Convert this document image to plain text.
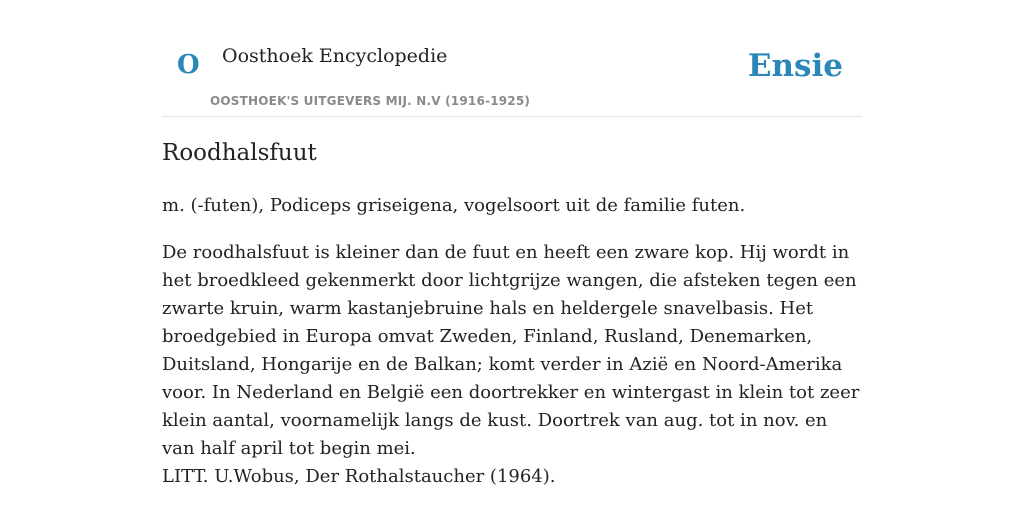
O Oosthoek Encyclopedie
OOSTHOEK'S UITGEVERS MIJ. N.V (1916-1925)
Ensie
Roodhalsfuut

m. (-futen), Podiceps griseigena, vogelsoort uit de familie futen.

De roodhalsfuut is kleiner dan de fuut en heeft een zware kop. Hij wordt in het broedkleed gekenmerkt door lichtgrijze wangen, die afsteken tegen een zwarte kruin, warm kastanjebruine hals en heldergele snavelbasis. Het broedgebied in Europa omvat Zweden, Finland, Rusland, Denemarken, Duitsland, Hongarije en de Balkan; komt verder in Azië en Noord-Amerika voor. In Nederland en België een doortrekker en wintergast in klein tot zeer klein aantal, voornamelijk langs de kust. Doortrek van aug. tot in nov. en van half april tot begin mei.

LITT. U.Wobus, Der Rothalstaucher (1964).
